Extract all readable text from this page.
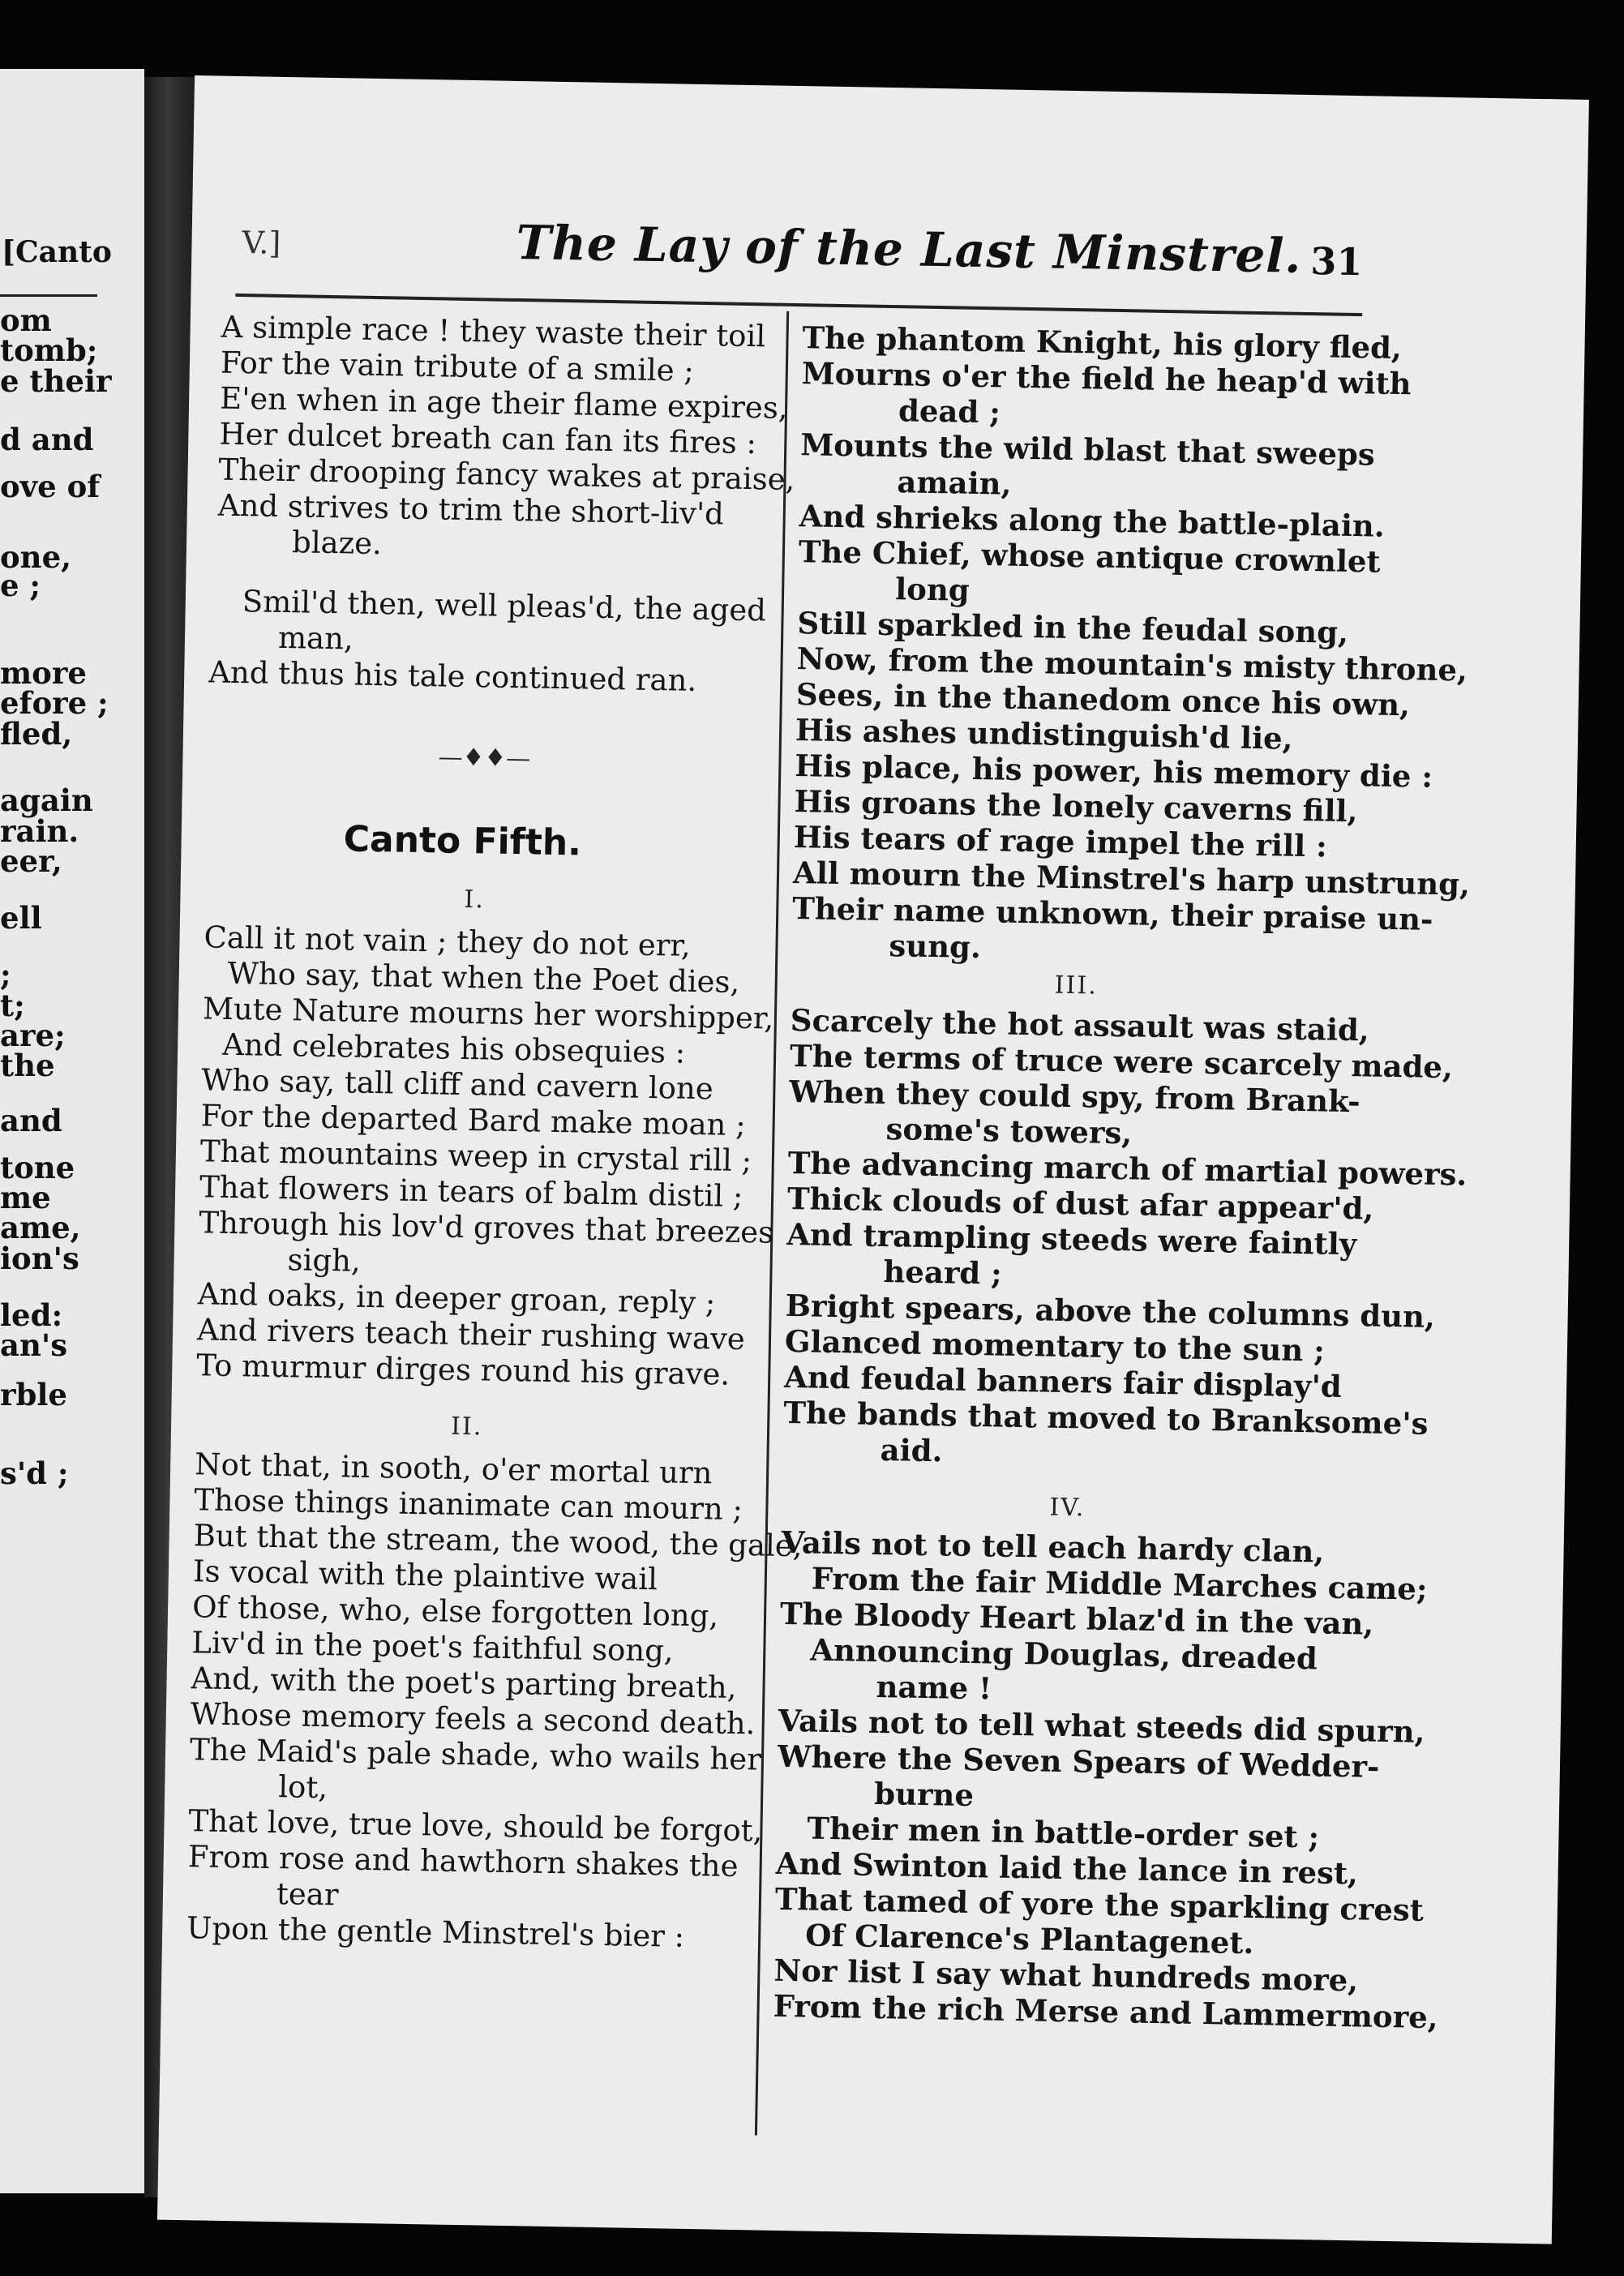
[Canto
om
tomb;
e their
d and
ove of
one,
e ;
more
efore ;
fled,
again
rain.
eer,
ell
;
t;
are;
the
and
tone
me
ame,
ion's
led:
an's
rble
s'd ;
V.]	The Lay of the Last Minstrel. 31
A simple race ! they waste their toil
For the vain tribute of a smile ;
E'en when in age their flame expires,
Her dulcet breath can fan its fires :
Their drooping fancy wakes at praise,
And strives to trim the short-liv'd
blaze.
Smil'd then, well pleas'd, the aged
man,
And thus his tale continued ran.
—♦♦—
Canto Fifth.
I.
Call it not vain ; they do not err,
Who say, that when the Poet dies,
Mute Nature mourns her worshipper,
And celebrates his obsequies :
Who say, tall cliff and cavern lone
For the departed Bard make moan ;
That mountains weep in crystal rill ;
That flowers in tears of balm distil ;
Through his lov'd groves that breezes
sigh,
And oaks, in deeper groan, reply ;
And rivers teach their rushing wave
To murmur dirges round his grave.
II.
Not that, in sooth, o'er mortal urn
Those things inanimate can mourn ;
But that the stream, the wood, the gale,
Is vocal with the plaintive wail
Of those, who, else forgotten long,
Liv'd in the poet's faithful song,
And, with the poet's parting breath,
Whose memory feels a second death.
The Maid's pale shade, who wails her
lot,
That love, true love, should be forgot,
From rose and hawthorn shakes the
tear
Upon the gentle Minstrel's bier :
The phantom Knight, his glory fled,
Mourns o'er the field he heap'd with
dead ;
Mounts the wild blast that sweeps
amain,
And shrieks along the battle-plain.
The Chief, whose antique crownlet
long
Still sparkled in the feudal song,
Now, from the mountain's misty throne,
Sees, in the thanedom once his own,
His ashes undistinguish'd lie,
His place, his power, his memory die :
His groans the lonely caverns fill,
His tears of rage impel the rill :
All mourn the Minstrel's harp unstrung,
Their name unknown, their praise un-
sung.
III.
Scarcely the hot assault was staid,
The terms of truce were scarcely made,
When they could spy, from Brank-
some's towers,
The advancing march of martial powers.
Thick clouds of dust afar appear'd,
And trampling steeds were faintly
heard ;
Bright spears, above the columns dun,
Glanced momentary to the sun ;
And feudal banners fair display'd
The bands that moved to Branksome's
aid.
IV.
Vails not to tell each hardy clan,
From the fair Middle Marches came;
The Bloody Heart blaz'd in the van,
Announcing Douglas, dreaded
name !
Vails not to tell what steeds did spurn,
Where the Seven Spears of Wedder-
burne
Their men in battle-order set ;
And Swinton laid the lance in rest,
That tamed of yore the sparkling crest
Of Clarence's Plantagenet.
Nor list I say what hundreds more,
From the rich Merse and Lammermore,
